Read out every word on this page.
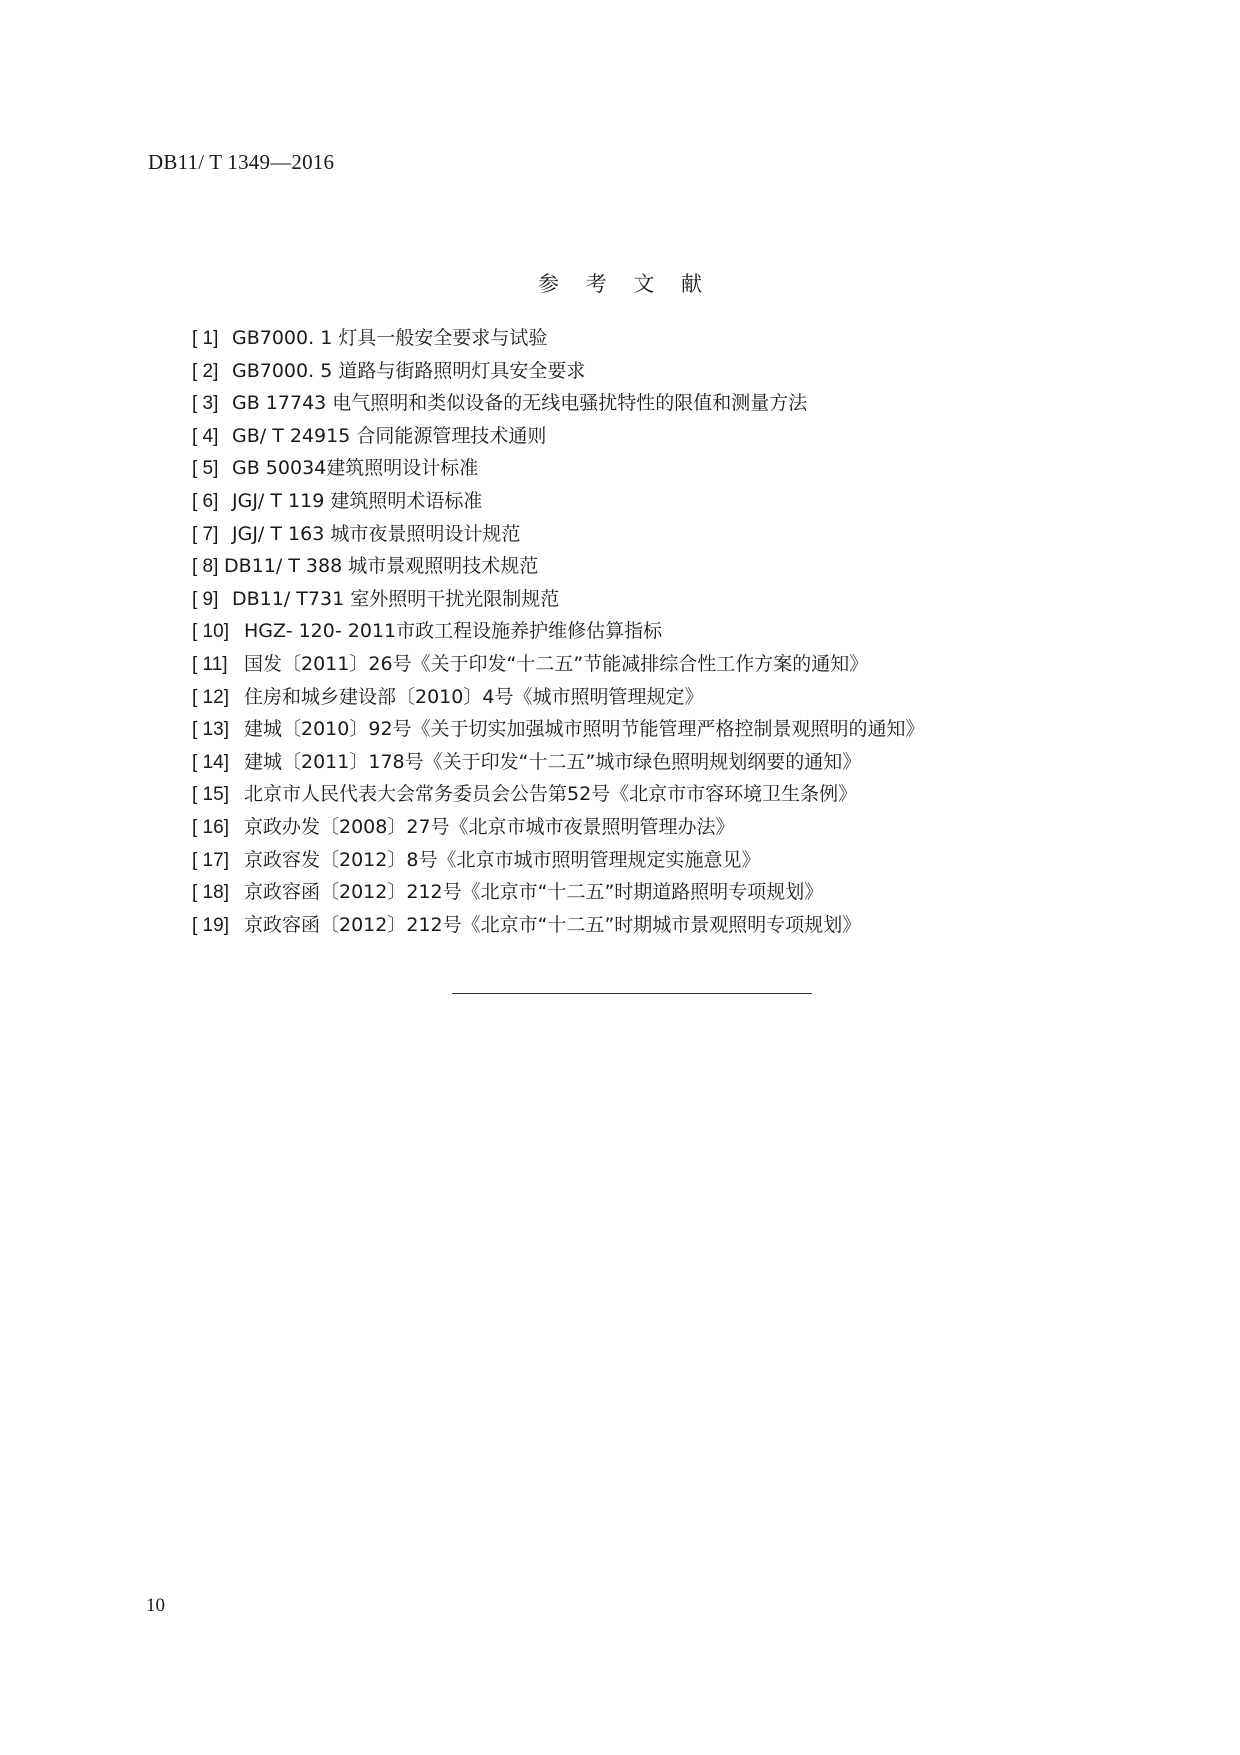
DB11/ T 1349—2016
参 考 文 献
[ 1] GB7000. 1 灯具一般安全要求与试验
[ 2] GB7000. 5 道路与街路照明灯具安全要求
[ 3] GB 17743 电气照明和类似设备的无线电骚扰特性的限值和测量方法
[ 4] GB/ T 24915 合同能源管理技术通则
[ 5] GB 50034建筑照明设计标准
[ 6] JGJ/ T 119 建筑照明术语标准
[ 7] JGJ/ T 163 城市夜景照明设计规范
[ 8] DB11/ T 388 城市景观照明技术规范
[ 9] DB11/ T731 室外照明干扰光限制规范
[ 10] HGZ- 120- 2011市政工程设施养护维修估算指标
[ 11] 国发〔2011〕26号《关于印发“十二五”节能减排综合性工作方案的通知》
[ 12] 住房和城乡建设部〔2010〕4号《城市照明管理规定》
[ 13] 建城〔2010〕92号《关于切实加强城市照明节能管理严格控制景观照明的通知》
[ 14] 建城〔2011〕178号《关于印发“十二五”城市绿色照明规划纲要的通知》
[ 15] 北京市人民代表大会常务委员会公告第52号《北京市市容环境卫生条例》
[ 16] 京政办发〔2008〕27号《北京市城市夜景照明管理办法》
[ 17] 京政容发〔2012〕8号《北京市城市照明管理规定实施意见》
[ 18] 京政容函〔2012〕212号《北京市“十二五”时期道路照明专项规划》
[ 19] 京政容函〔2012〕212号《北京市“十二五”时期城市景观照明专项规划》
10
